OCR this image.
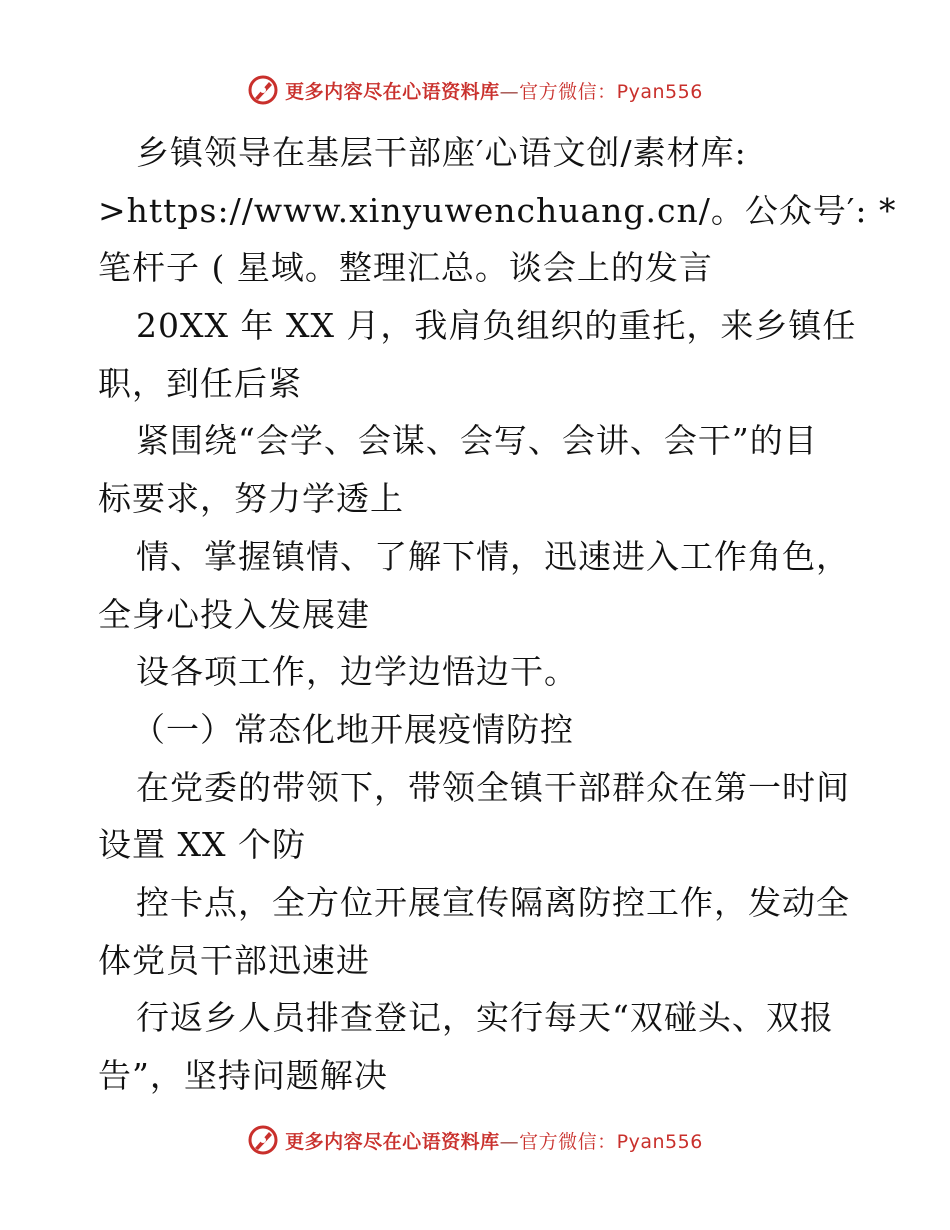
更多内容尽在心语资料库—官方微信：Pyan556
乡镇领导在基层干部座′心语文创/素材库:
>https://www.xinyuwenchuang.cn/。公众号′: *
笔杆子 ( 星域。整理汇总。谈会上的发言
20XX 年 XX 月，我肩负组织的重托，来乡镇任
职，到任后紧
紧围绕“会学、会谋、会写、会讲、会干”的目
标要求，努力学透上
情、掌握镇情、了解下情，迅速进入工作角色，
全身心投入发展建
设各项工作，边学边悟边干。
（一）常态化地开展疫情防控
在党委的带领下，带领全镇干部群众在第一时间
设置 XX 个防
控卡点，全方位开展宣传隔离防控工作，发动全
体党员干部迅速进
行返乡人员排查登记，实行每天“双碰头、双报
告”，坚持问题解决
更多内容尽在心语资料库—官方微信：Pyan556
